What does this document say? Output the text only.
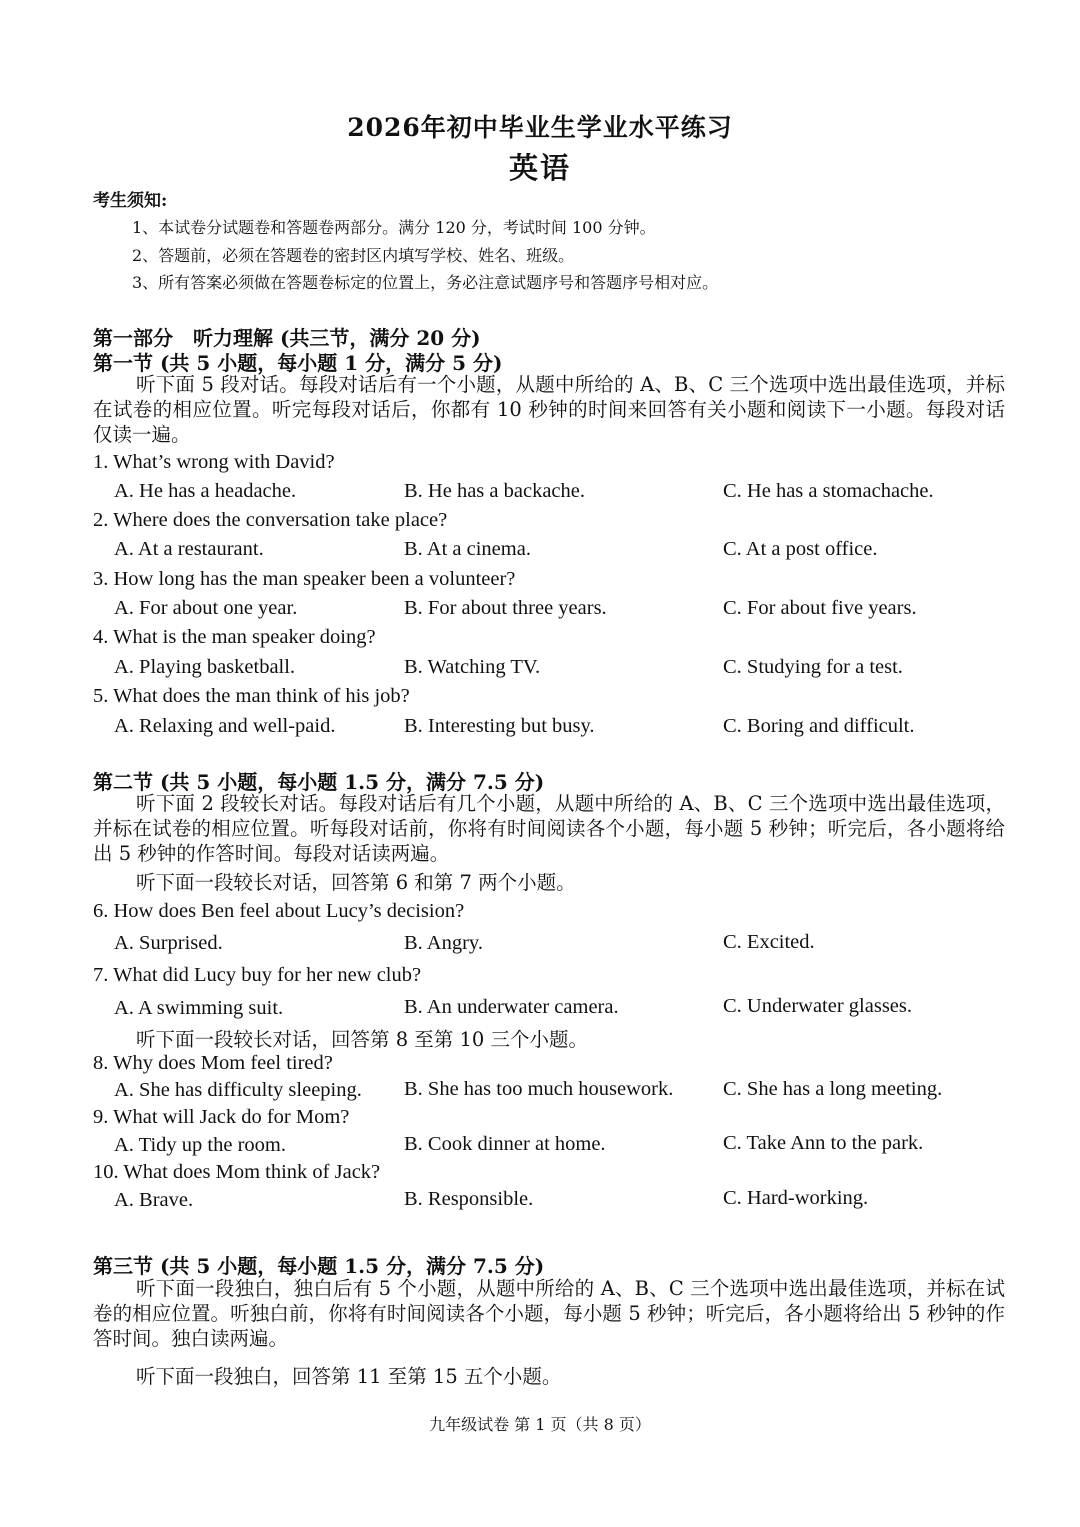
2026年初中毕业生学业水平练习
英语
考生须知:
1、本试卷分试题卷和答题卷两部分。满分 120 分，考试时间 100 分钟。
2、答题前，必须在答题卷的密封区内填写学校、姓名、班级。
3、所有答案必须做在答题卷标定的位置上，务必注意试题序号和答题序号相对应。
第一部分　听力理解 (共三节，满分 20 分)
第一节 (共 5 小题，每小题 1 分，满分 5 分)
听下面 5 段对话。每段对话后有一个小题，从题中所给的 A、B、C 三个选项中选出最佳选项，并标在试卷的相应位置。听完每段对话后，你都有 10 秒钟的时间来回答有关小题和阅读下一小题。每段对话仅读一遍。
1. What’s wrong with David?
A. He has a headache.	B. He has a backache.	C. He has a stomachache.
2. Where does the conversation take place?
A. At a restaurant.	B. At a cinema.	C. At a post office.
3. How long has the man speaker been a volunteer?
A. For about one year.	B. For about three years.	C. For about five years.
4. What is the man speaker doing?
A. Playing basketball.	B. Watching TV.	C. Studying for a test.
5. What does the man think of his job?
A. Relaxing and well-paid.	B. Interesting but busy.	C. Boring and difficult.
第二节 (共 5 小题，每小题 1.5 分，满分 7.5 分)
听下面 2 段较长对话。每段对话后有几个小题，从题中所给的 A、B、C 三个选项中选出最佳选项，并标在试卷的相应位置。听每段对话前，你将有时间阅读各个小题，每小题 5 秒钟；听完后，各小题将给出 5 秒钟的作答时间。每段对话读两遍。
听下面一段较长对话，回答第 6 和第 7 两个小题。
6. How does Ben feel about Lucy’s decision?
A. Surprised.	B. Angry.	C. Excited.
7. What did Lucy buy for her new club?
A. A swimming suit.	B. An underwater camera.	C. Underwater glasses.
听下面一段较长对话，回答第 8 至第 10 三个小题。
8. Why does Mom feel tired?
A. She has difficulty sleeping. B. She has too much housework. C. She has a long meeting.
9. What will Jack do for Mom?
A. Tidy up the room.	B. Cook dinner at home.	C. Take Ann to the park.
10. What does Mom think of Jack?
A. Brave.	B. Responsible.	C. Hard-working.
第三节 (共 5 小题，每小题 1.5 分，满分 7.5 分)
听下面一段独白，独白后有 5 个小题，从题中所给的 A、B、C 三个选项中选出最佳选项，并标在试卷的相应位置。听独白前，你将有时间阅读各个小题，每小题 5 秒钟；听完后，各小题将给出 5 秒钟的作答时间。独白读两遍。
听下面一段独白，回答第 11 至第 15 五个小题。
九年级试卷 第 1 页（共 8 页）
